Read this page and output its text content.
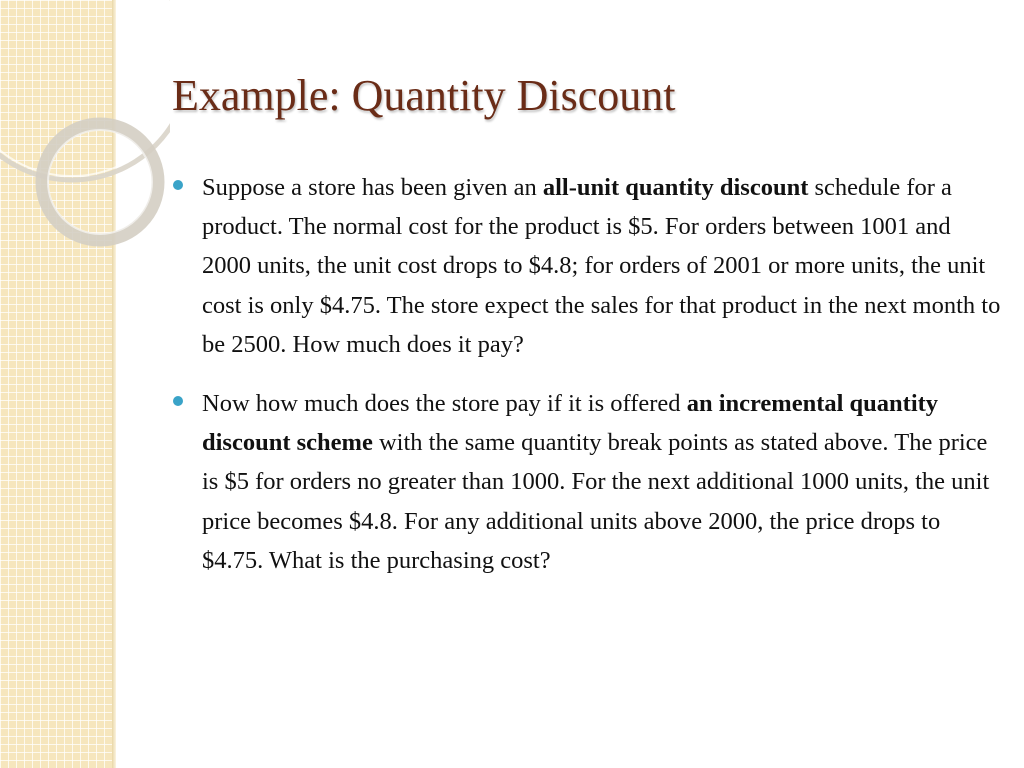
Example: Quantity Discount

Suppose a store has been given an all-unit quantity discount schedule for a product. The normal cost for the product is $5. For orders between 1001 and 2000 units, the unit cost drops to $4.8; for orders of 2001 or more units, the unit cost is only $4.75. The store expect the sales for that product in the next month to be 2500. How much does it pay?

Now how much does the store pay if it is offered an incremental quantity discount scheme with the same quantity break points as stated above. The price is $5 for orders no greater than 1000. For the next additional 1000 units, the unit price becomes $4.8. For any additional units above 2000, the price drops to $4.75. What is the purchasing cost?
